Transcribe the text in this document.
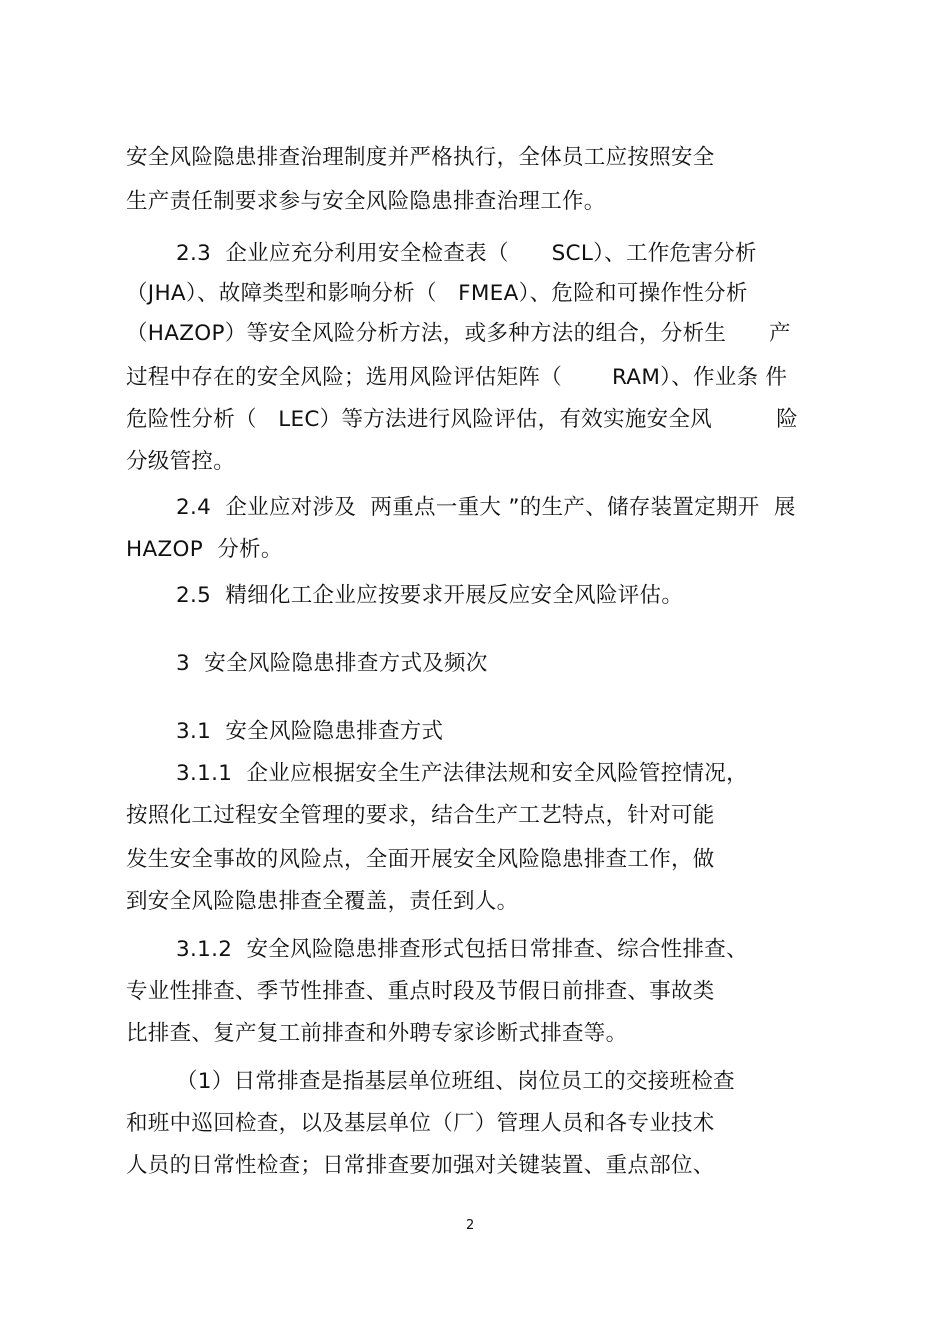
安全风险隐患排查治理制度并严格执行，全体员工应按照安全
生产责任制要求参与安全风险隐患排查治理工作。
2.3  企业应充分利用安全检查表（      SCL）、工作危害分析
（JHA）、故障类型和影响分析（   FMEA）、危险和可操作性分析
（HAZOP）等安全风险分析方法，或多种方法的组合，分析生      产
过程中存在的安全风险；选用风险评估矩阵（       RAM）、作业条 件
危险性分析（   LEC）等方法进行风险评估，有效实施安全风         险
分级管控。
2.4  企业应对涉及  两重点一重大 ”的生产、储存装置定期开  展
HAZOP  分析。
2.5  精细化工企业应按要求开展反应安全风险评估。
3  安全风险隐患排查方式及频次
3.1  安全风险隐患排查方式
3.1.1  企业应根据安全生产法律法规和安全风险管控情况，
按照化工过程安全管理的要求，结合生产工艺特点，针对可能
发生安全事故的风险点，全面开展安全风险隐患排查工作，做
到安全风险隐患排查全覆盖，责任到人。
3.1.2  安全风险隐患排查形式包括日常排查、综合性排查、
专业性排查、季节性排查、重点时段及节假日前排查、事故类
比排查、复产复工前排查和外聘专家诊断式排查等。
（1）日常排查是指基层单位班组、岗位员工的交接班检查
和班中巡回检查，以及基层单位（厂）管理人员和各专业技术
人员的日常性检查；日常排查要加强对关键装置、重点部位、
2
